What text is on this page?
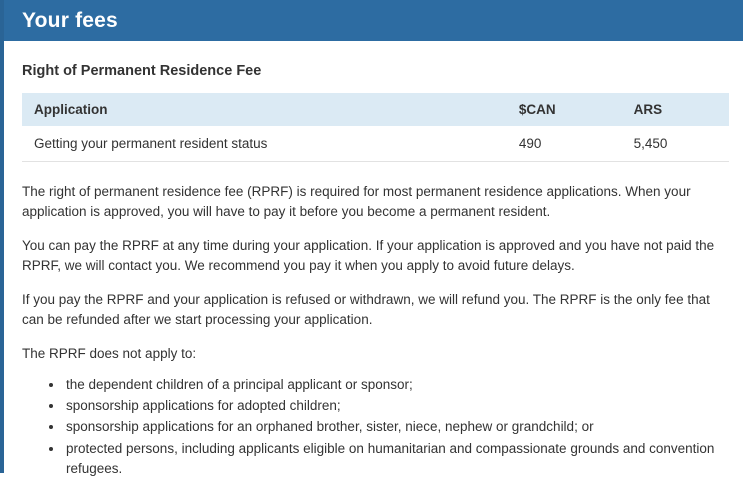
Your fees
Right of Permanent Residence Fee
Application	$CAN	ARS
Getting your permanent resident status	490	5,450

The right of permanent residence fee (RPRF) is required for most permanent residence applications. When your application is approved, you will have to pay it before you become a permanent resident.

You can pay the RPRF at any time during your application. If your application is approved and you have not paid the RPRF, we will contact you. We recommend you pay it when you apply to avoid future delays.

If you pay the RPRF and your application is refused or withdrawn, we will refund you. The RPRF is the only fee that can be refunded after we start processing your application.

The RPRF does not apply to:

• the dependent children of a principal applicant or sponsor;
• sponsorship applications for adopted children;
• sponsorship applications for an orphaned brother, sister, niece, nephew or grandchild; or
• protected persons, including applicants eligible on humanitarian and compassionate grounds and convention refugees.
